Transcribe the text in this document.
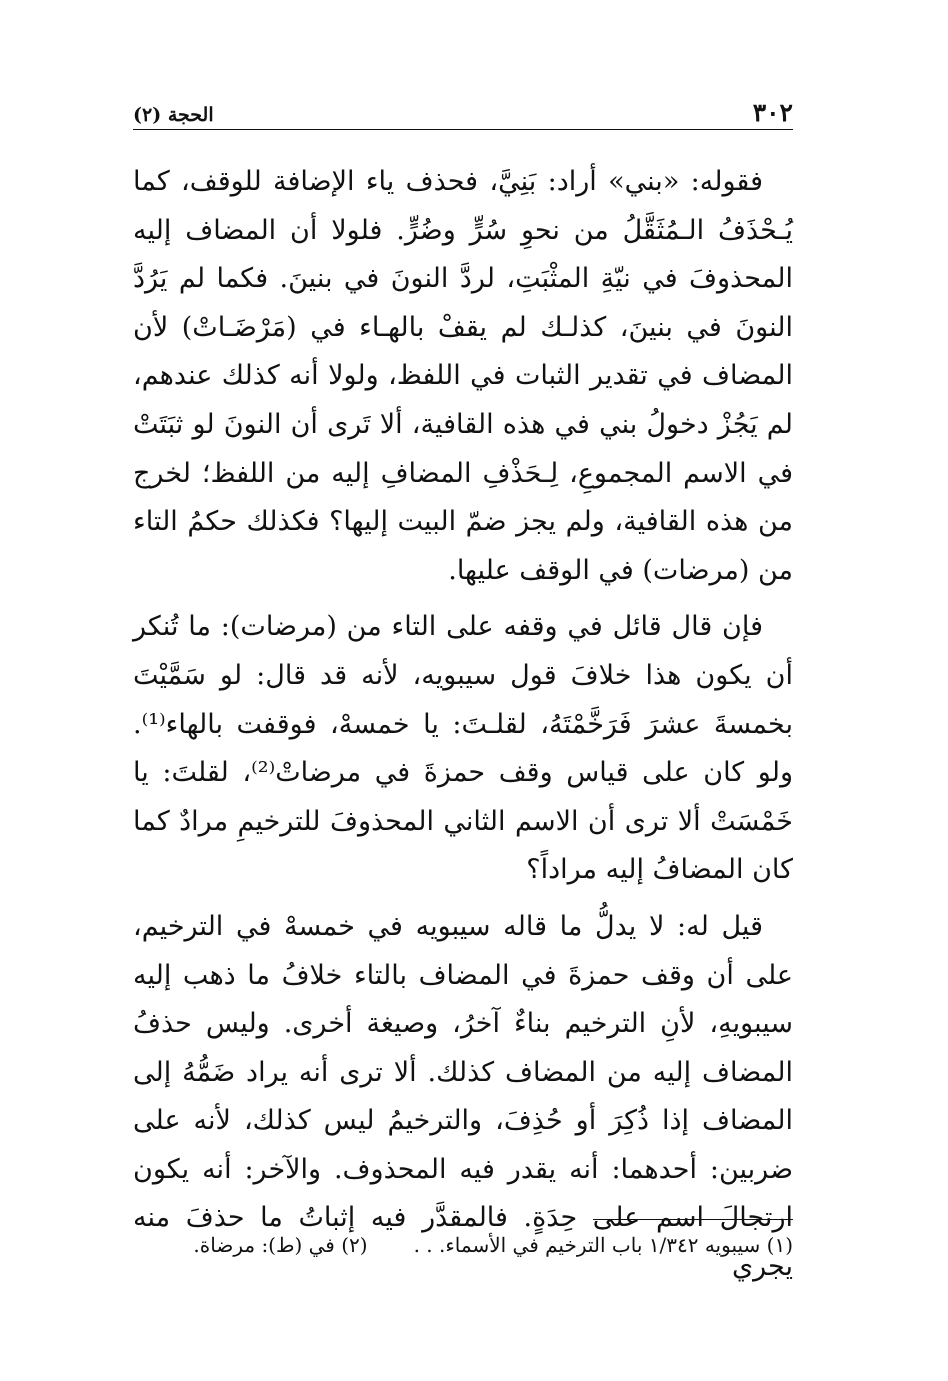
٣٠٢
الحجة (٢)

فقوله: «بني» أراد: بَنِيَّ، فحذف ياء الإضافة للوقف، كما يُـحْذَفُ الـمُثَقَّلُ من نحوِ سُرٍّ وضُرٍّ. فلولا أن المضاف إليه المحذوفَ في نيّةِ المثْبَتِ، لردَّ النونَ في بنينَ. فكما لم يَرُدَّ النونَ في بنينَ، كذلـك لم يقفْ بالهـاء في (مَرْضَـاتْ) لأن المضاف في تقدير الثبات في اللفظ، ولولا أنه كذلك عندهم، لم يَجُزْ دخولُ بني في هذه القافية، ألا تَرى أن النونَ لو ثبَتَتْ في الاسم المجموعِ، لِـحَذْفِ المضافِ إليه من اللفظ؛ لخرج من هذه القافية، ولم يجز ضمّ البيت إليها؟ فكذلك حكمُ التاء من (مرضات) في الوقف عليها.

فإن قال قائل في وقفه على التاء من (مرضات): ما تُنكر أن يكون هذا خلافَ قول سيبويه، لأنه قد قال: لو سَمَّيْتَ بخمسةَ عشرَ فَرَخَّمْتَهُ، لقلـتَ: يا خمسهْ، فوقفت بالهاء⁽¹⁾. ولو كان على قياس وقف حمزةَ في مرضاتْ⁽²⁾، لقلتَ: يا خَمْسَتْ ألا ترى أن الاسم الثاني المحذوفَ للترخيمِ مرادٌ كما كان المضافُ إليه مراداً؟

قيل له: لا يدلُّ ما قاله سيبويه في خمسهْ في الترخيم، على أن وقف حمزةَ في المضاف بالتاء خلافُ ما ذهب إليه سيبويهِ، لأنِ الترخيم بناءٌ آخرُ، وصيغة أخرى. وليس حذفُ المضاف إليه من المضاف كذلك. ألا ترى أنه يراد ضَمُّهُ إلى المضاف إذا ذُكِرَ أو حُذِفَ، والترخيمُ ليس كذلك، لأنه على ضربين: أحدهما: أنه يقدر فيه المحذوف. والآخر: أنه يكون ارتجالَ اسم على حِدَةٍ. فالمقدَّر فيه إثباتُ ما حذفَ منه يجري

(١) سيبويه ١/٣٤٢ باب الترخيم في الأسماء. . .
(٢) في (ط): مرضاة.
